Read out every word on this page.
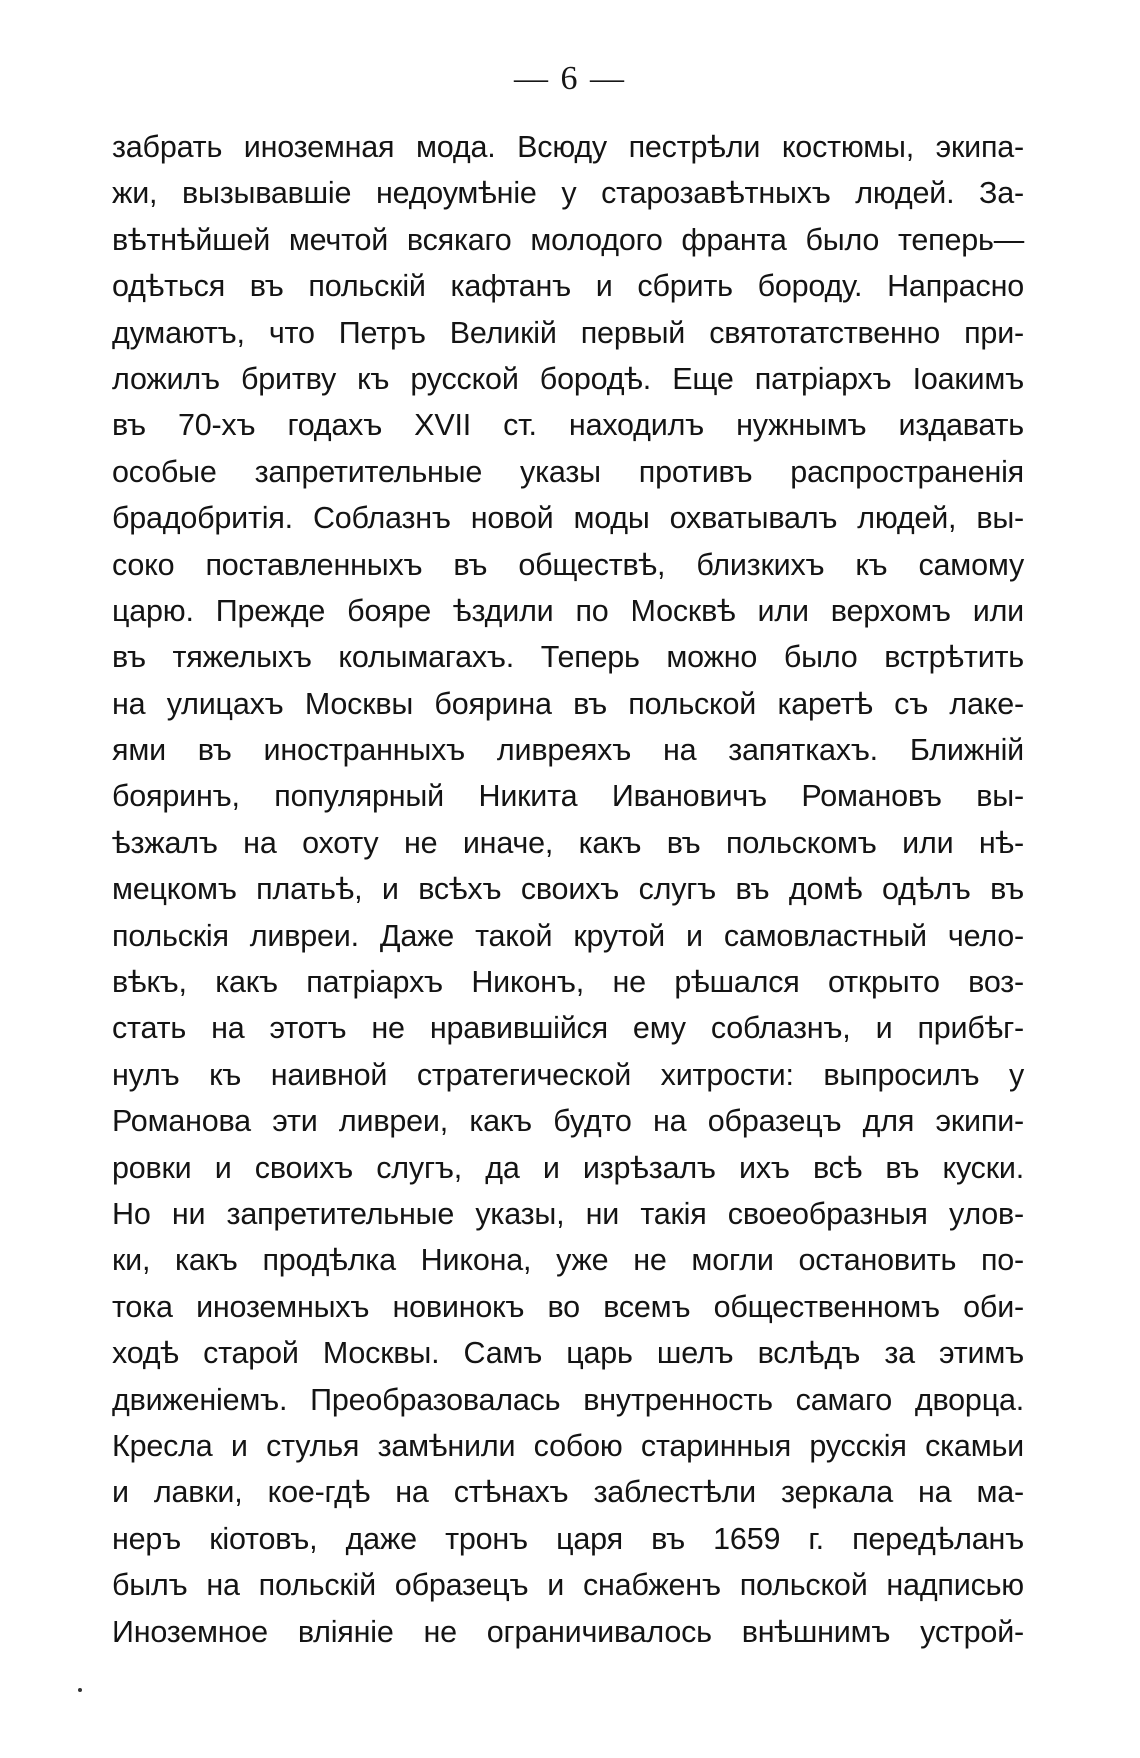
— 6 —
забрать иноземная мода. Всюду пестрѣли костюмы, экипа-
жи, вызывавшіе недоумѣніе у старозавѣтныхъ людей. За-
вѣтнѣйшей мечтой всякаго молодого франта было теперь—
одѣться въ польскій кафтанъ и сбрить бороду. Напрасно
думаютъ, что Петръ Великій первый святотатственно при-
ложилъ бритву къ русской бородѣ. Еще патріархъ Іоакимъ
въ 70-хъ годахъ XVII ст. находилъ нужнымъ издавать
особые запретительные указы противъ распространенія
брадобритія. Соблазнъ новой моды охватывалъ людей, вы-
соко поставленныхъ въ обществѣ, близкихъ къ самому
царю. Прежде бояре ѣздили по Москвѣ или верхомъ или
въ тяжелыхъ колымагахъ. Теперь можно было встрѣтить
на улицахъ Москвы боярина въ польской каретѣ съ лаке-
ями въ иностранныхъ ливреяхъ на запяткахъ. Ближній
бояринъ, популярный Никита Ивановичъ Романовъ вы-
ѣзжалъ на охоту не иначе, какъ въ польскомъ или нѣ-
мецкомъ платьѣ, и всѣхъ своихъ слугъ въ домѣ одѣлъ въ
польскія ливреи. Даже такой крутой и самовластный чело-
вѣкъ, какъ патріархъ Никонъ, не рѣшался открыто воз-
стать на этотъ не нравившійся ему соблазнъ, и прибѣг-
нулъ къ наивной стратегической хитрости: выпросилъ у
Романова эти ливреи, какъ будто на образецъ для экипи-
ровки и своихъ слугъ, да и изрѣзалъ ихъ всѣ въ куски.
Но ни запретительные указы, ни такія своеобразныя улов-
ки, какъ продѣлка Никона, уже не могли остановить по-
тока иноземныхъ новинокъ во всемъ общественномъ оби-
ходѣ старой Москвы. Самъ царь шелъ вслѣдъ за этимъ
движеніемъ. Преобразовалась внутренность самаго дворца.
Кресла и стулья замѣнили собою старинныя русскія скамьи
и лавки, кое-гдѣ на стѣнахъ заблестѣли зеркала на ма-
неръ кіотовъ, даже тронъ царя въ 1659 г. передѣланъ
былъ на польскій образецъ и снабженъ польской надписью
Иноземное вліяніе не ограничивалось внѣшнимъ устрой-
